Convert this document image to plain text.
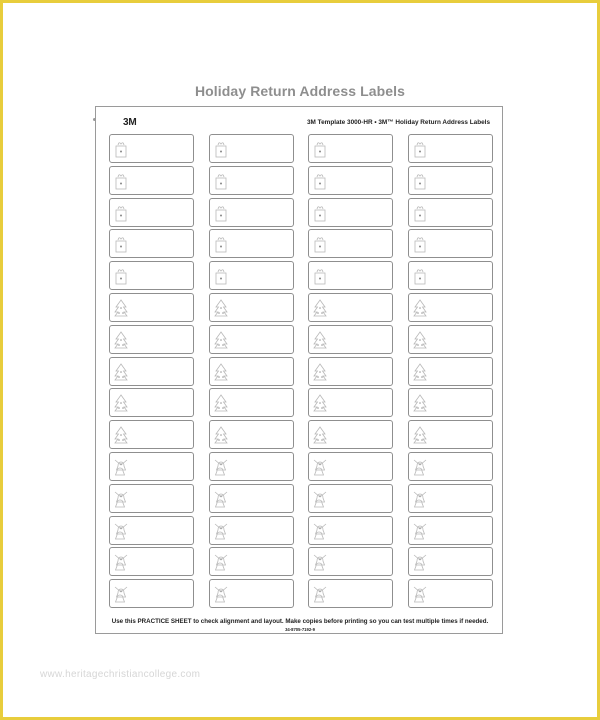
Holiday Return Address Labels
3M	3M Template 3000-HR • 3M™ Holiday Return Address Labels
Use this PRACTICE SHEET to check alignment and layout. Make copies before printing so you can test multiple times if needed.
34-8705-7192-9
www.heritagechristiancollege.com
